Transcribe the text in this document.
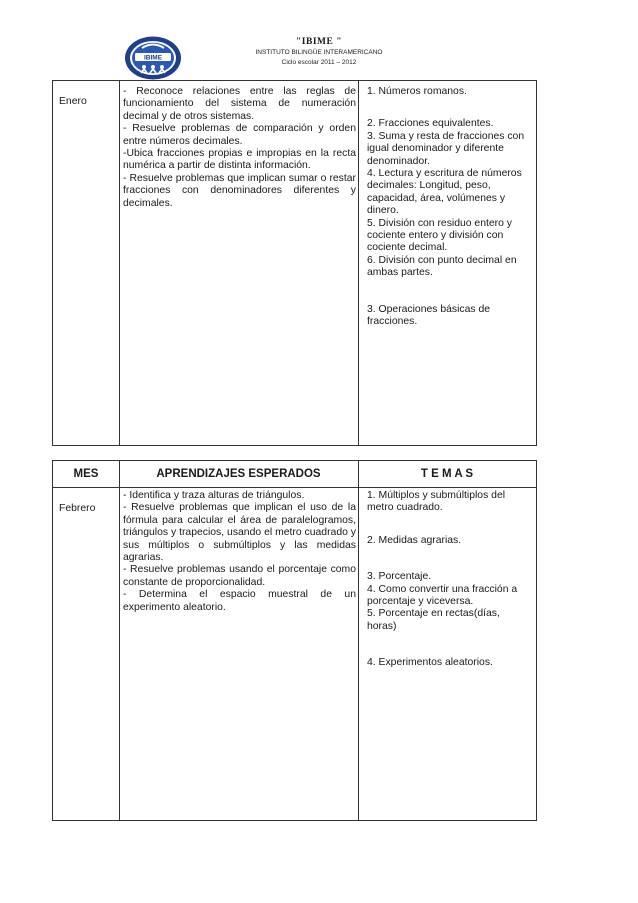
IBIME
"IBIME "
INSTITUTO BILINGÜE INTERAMERICANO
Ciclo escolar 2011 – 2012
Enero

- Reconoce relaciones entre las reglas de funcionamiento del sistema de numeración decimal y de otros sistemas.

- Resuelve problemas de comparación y orden entre números decimales.

-Ubica fracciones propias e impropias en la recta numérica a partir de distinta información.

- Resuelve problemas que implican sumar o restar fracciones con denominadores diferentes y decimales.

1. Números romanos.

2. Fracciones equivalentes.

3. Suma y resta de fracciones con igual denominador y diferente denominador.

4. Lectura y escritura de números decimales: Longitud, peso, capacidad, área, volúmenes y dinero.

5. División con residuo entero y cociente entero y división con cociente decimal.

6. División con punto decimal en ambas partes.

3. Operaciones básicas de fracciones.

MES	APRENDIZAJES ESPERADOS	T E M A S
Febrero

- Identifica y traza alturas de triángulos.

- Resuelve problemas que implican el uso de la fórmula para calcular el área de paralelogramos, triángulos y trapecios, usando el metro cuadrado y sus múltiplos o submúltiplos y las medidas agrarias.

- Resuelve problemas usando el porcentaje como constante de proporcionalidad.

- Determina el espacio muestral de un experimento aleatorio.

1. Múltiplos y submúltiplos del metro cuadrado.

2. Medidas agrarias.

3. Porcentaje.

4. Como convertir una fracción a porcentaje y viceversa.

5. Porcentaje en rectas(días, horas)

4. Experimentos aleatorios.
